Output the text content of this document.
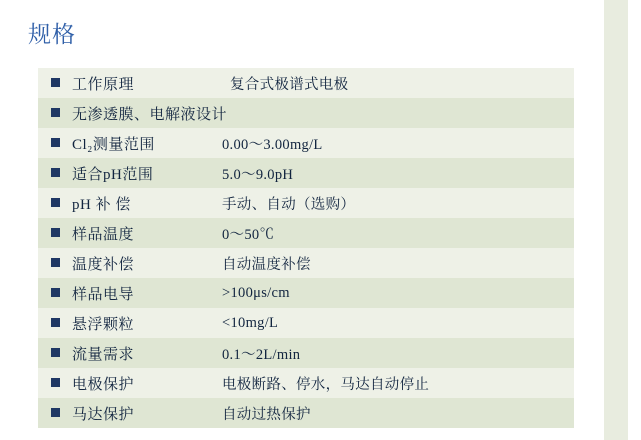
规格
	工作原理	复合式极谱式电极
	无渗透膜、电解液设计	
	Cl₂测量范围	0.00～3.00mg/L
	适合pH范围	5.0～9.0pH
	pH 补 偿	手动、自动（选购）
	样品温度	0～50℃
	温度补偿	自动温度补偿
	样品电导	>100μs/cm
	悬浮颗粒	<10mg/L
	流量需求	0.1～2L/min
	电极保护	电极断路、停水，马达自动停止
	马达保护	自动过热保护
